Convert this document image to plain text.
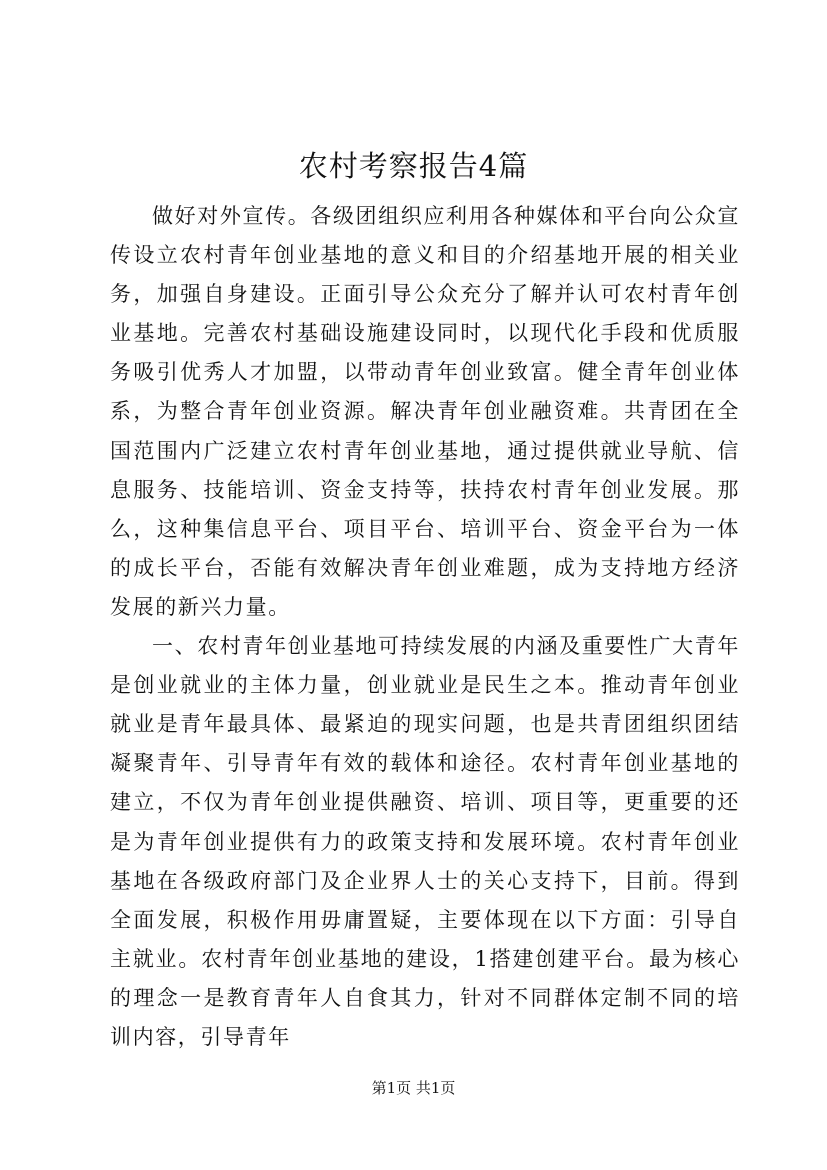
农村考察报告4篇

做好对外宣传。各级团组织应利用各种媒体和平台向公众宣传设立农村青年创业基地的意义和目的介绍基地开展的相关业务，加强自身建设。正面引导公众充分了解并认可农村青年创业基地。完善农村基础设施建设同时，以现代化手段和优质服务吸引优秀人才加盟，以带动青年创业致富。健全青年创业体系，为整合青年创业资源。解决青年创业融资难。共青团在全国范围内广泛建立农村青年创业基地，通过提供就业导航、信息服务、技能培训、资金支持等，扶持农村青年创业发展。那么，这种集信息平台、项目平台、培训平台、资金平台为一体的成长平台，否能有效解决青年创业难题，成为支持地方经济发展的新兴力量。

一、农村青年创业基地可持续发展的内涵及重要性广大青年是创业就业的主体力量，创业就业是民生之本。推动青年创业就业是青年最具体、最紧迫的现实问题，也是共青团组织团结凝聚青年、引导青年有效的载体和途径。农村青年创业基地的建立，不仅为青年创业提供融资、培训、项目等，更重要的还是为青年创业提供有力的政策支持和发展环境。农村青年创业基地在各级政府部门及企业界人士的关心支持下，目前。得到全面发展，积极作用毋庸置疑，主要体现在以下方面：引导自主就业。农村青年创业基地的建设，1搭建创建平台。最为核心的理念一是教育青年人自食其力，针对不同群体定制不同的培训内容，引导青年

第1页 共1页
